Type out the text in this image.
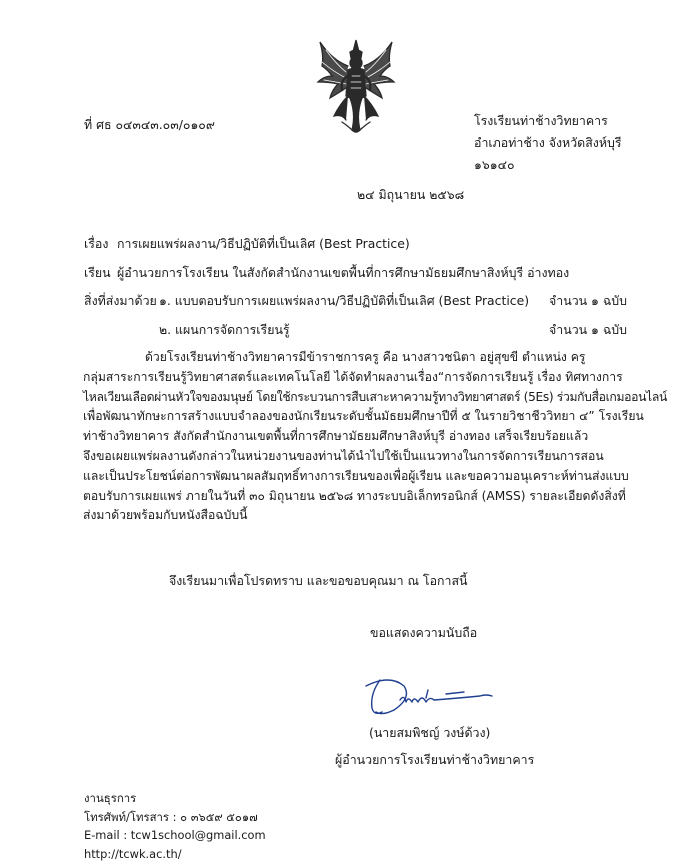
ที่ ศธ ๐๔๓๔๓.๐๓/๐๑๐๙	โรงเรียนท่าช้างวิทยาคาร
อำเภอท่าช้าง จังหวัดสิงห์บุรี
๑๖๑๔๐
๒๔ มิถุนายน ๒๕๖๘
เรื่อง การเผยแพร่ผลงาน/วิธีปฏิบัติที่เป็นเลิศ (Best Practice)
เรียน ผู้อำนวยการโรงเรียน ในสังกัดสำนักงานเขตพื้นที่การศึกษามัธยมศึกษาสิงห์บุรี อ่างทอง
สิ่งที่ส่งมาด้วย ๑. แบบตอบรับการเผยแพร่ผลงาน/วิธีปฏิบัติที่เป็นเลิศ (Best Practice) จำนวน ๑ ฉบับ
๒. แผนการจัดการเรียนรู้	จำนวน ๑ ฉบับ
ด้วยโรงเรียนท่าช้างวิทยาคารมีข้าราชการครู คือ นางสาวชนิตา อยู่สุขขี ตำแหน่ง ครู
กลุ่มสาระการเรียนรู้วิทยาศาสตร์และเทคโนโลยี ได้จัดทำผลงานเรื่อง“การจัดการเรียนรู้ เรื่อง ทิศทางการ
ไหลเวียนเลือดผ่านหัวใจของมนุษย์ โดยใช้กระบวนการสืบเสาะหาความรู้ทางวิทยาศาสตร์ (5Es) ร่วมกับสื่อเกมออนไลน์
เพื่อพัฒนาทักษะการสร้างแบบจำลองของนักเรียนระดับชั้นมัธยมศึกษาปีที่ ๕ ในรายวิชาชีววิทยา ๔” โรงเรียน
ท่าช้างวิทยาคาร สังกัดสำนักงานเขตพื้นที่การศึกษามัธยมศึกษาสิงห์บุรี อ่างทอง เสร็จเรียบร้อยแล้ว
จึงขอเผยแพร่ผลงานดังกล่าวในหน่วยงานของท่านได้นำไปใช้เป็นแนวทางในการจัดการเรียนการสอน
และเป็นประโยชน์ต่อการพัฒนาผลสัมฤทธิ์ทางการเรียนของเพื่อผู้เรียน และขอความอนุเคราะห์ท่านส่งแบบ
ตอบรับการเผยแพร่ ภายในวันที่ ๓๐ มิถุนายน ๒๕๖๘ ทางระบบอิเล็กทรอนิกส์ (AMSS) รายละเอียดดังสิ่งที่
ส่งมาด้วยพร้อมกับหนังสือฉบับนี้
จึงเรียนมาเพื่อโปรดทราบ และขอขอบคุณมา ณ โอกาสนี้
ขอแสดงความนับถือ
(นายสมพิชญ์ วงษ์ด้วง)
ผู้อำนวยการโรงเรียนท่าช้างวิทยาคาร
งานธุรการ
โทรศัพท์/โทรสาร : ๐ ๓๖๕๙ ๕๐๑๗
E-mail : tcw1school@gmail.com
http://tcwk.ac.th/
